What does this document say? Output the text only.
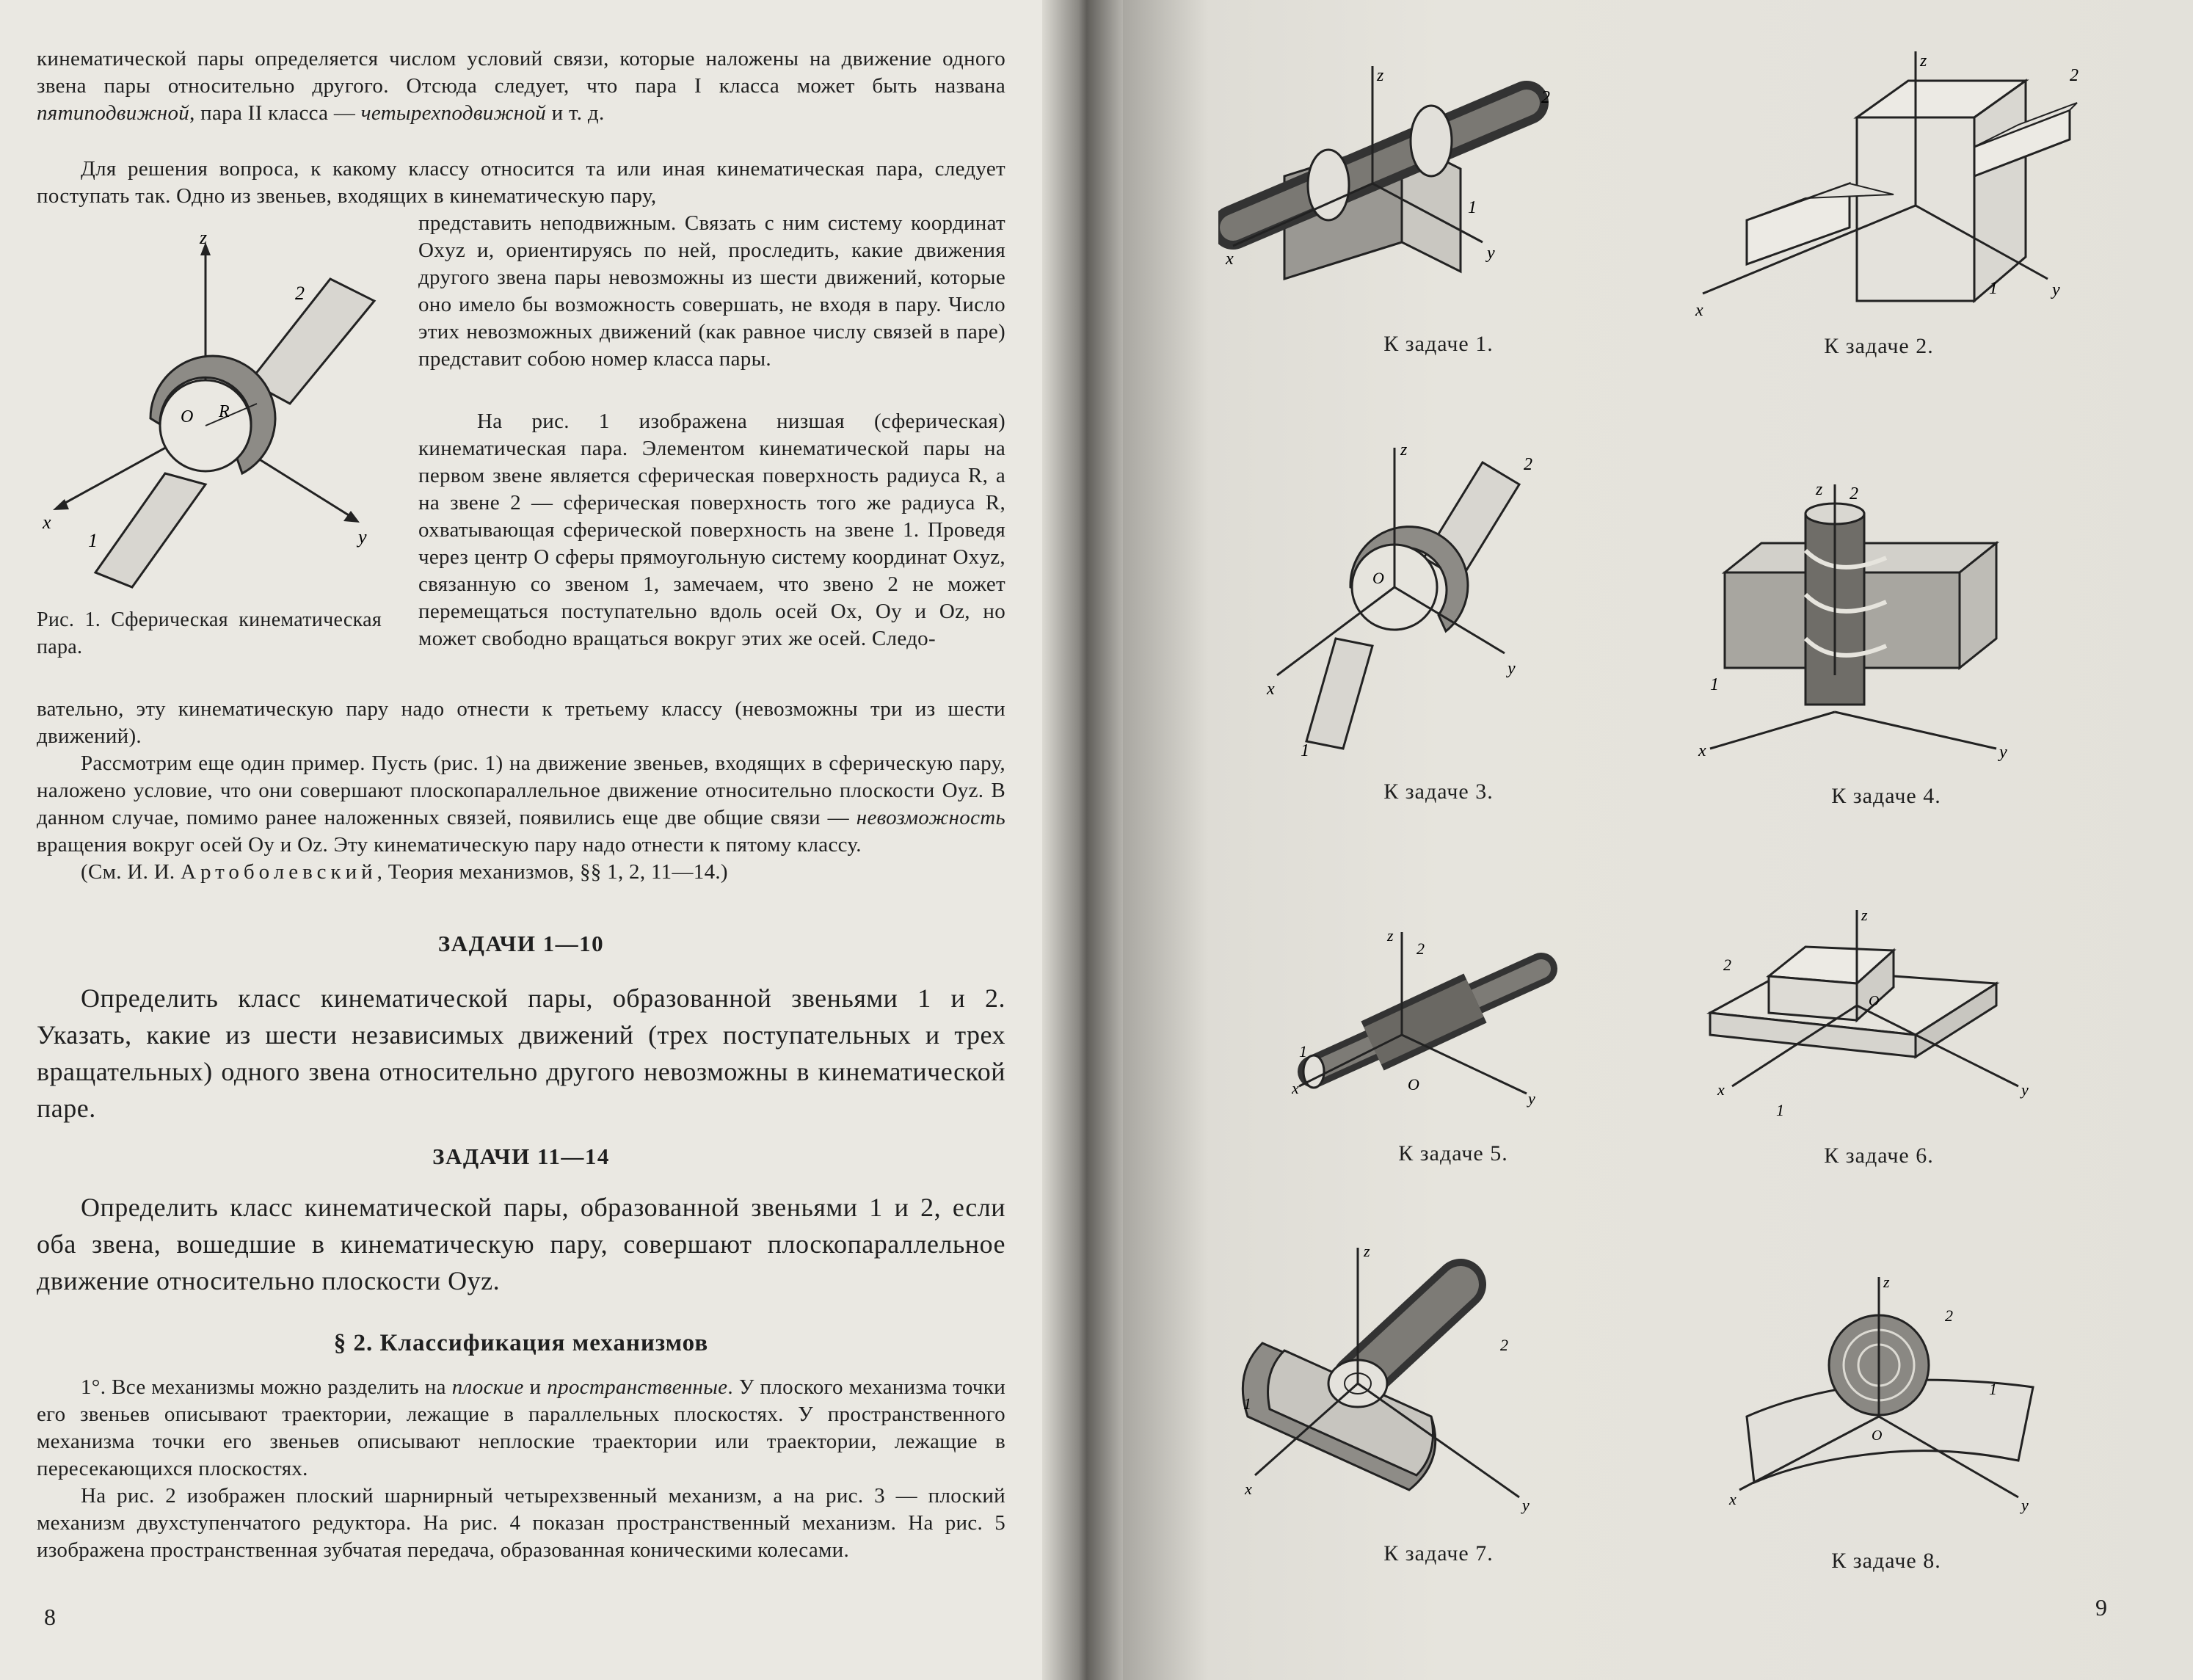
кинематической пары определяется числом условий связи, которые наложены на движение одного звена пары относительно другого. Отсюда следует, что пара I класса может быть названа пятиподвижной, пара II класса — четырехподвижной и т. д.

Для решения вопроса, к какому классу относится та или иная кинематическая пара, следует поступать так. Одно из звеньев, входящих в кинематическую пару,

z
x
y
2
1
O R

представить неподвижным. Связать с ним систему координат Oxyz и, ориентируясь по ней, проследить, какие движения другого звена пары невозможны из шести движений, которые оно имело бы возможность совершать, не входя в пару. Число этих невозможных движений (как равное числу связей в паре) представит собою номер класса пары.

На рис. 1 изображена низшая (сферическая) кинематическая пара. Элементом кинематической пары на первом звене является сферическая поверхность радиуса R, а на звене 2 — сферическая поверхность того же радиуса R, охватывающая сферической поверхность на звене 1. Проведя через центр O сферы прямоугольную систему координат Oxyz, связанную со звеном 1, замечаем, что звено 2 не может перемещаться поступательно вдоль осей Ox, Oy и Oz, но может свободно вращаться вокруг этих же осей. Следо-

Рис. 1. Сферическая кинематическая пара.

вательно, эту кинематическую пару надо отнести к третьему классу (невозможны три из шести движений).

Рассмотрим еще один пример. Пусть (рис. 1) на движение звеньев, входящих в сферическую пару, наложено условие, что они совершают плоскопараллельное движение относительно плоскости Oyz. В данном случае, помимо ранее наложенных связей, появились еще две общие связи — невозможность вращения вокруг осей Oy и Oz. Эту кинематическую пару надо отнести к пятому классу.

(См. И. И. Артоболевский, Теория механизмов, §§ 1, 2, 11—14.)

ЗАДАЧИ 1—10

Определить класс кинематической пары, образованной звеньями 1 и 2. Указать, какие из шести независимых движений (трех поступательных и трех вращательных) одного звена относительно другого невозможны в кинематической паре.

ЗАДАЧИ 11—14

Определить класс кинематической пары, образованной звеньями 1 и 2, если оба звена, вошедшие в кинематическую пару, совершают плоскопараллельное движение относительно плоскости Oyz.

§ 2. Классификация механизмов

1°. Все механизмы можно разделить на плоские и пространственные. У плоского механизма точки его звеньев описывают траектории, лежащие в параллельных плоскостях. У пространственного механизма точки его звеньев описывают неплоские траектории или траектории, лежащие в пересекающихся плоскостях.

На рис. 2 изображен плоский шарнирный четырехзвенный механизм, а на рис. 3 — плоский механизм двухступенчатого редуктора. На рис. 4 показан пространственный механизм. На рис. 5 изображена пространственная зубчатая передача, образованная коническими колесами.

8
z
x	y
2
1
К задаче 1.
z
x
y
2
1
К задаче 2.
z
x
y
2
1
O
К задаче 3.
z
x	y
2
1
К задаче 4.
z
x
y
2
1
O
К задаче 5.
z
x	y
2
1
O
К задаче 6.
z
x
y
2
1
К задаче 7.
z
x	y
2
1
O
К задаче 8.
9
